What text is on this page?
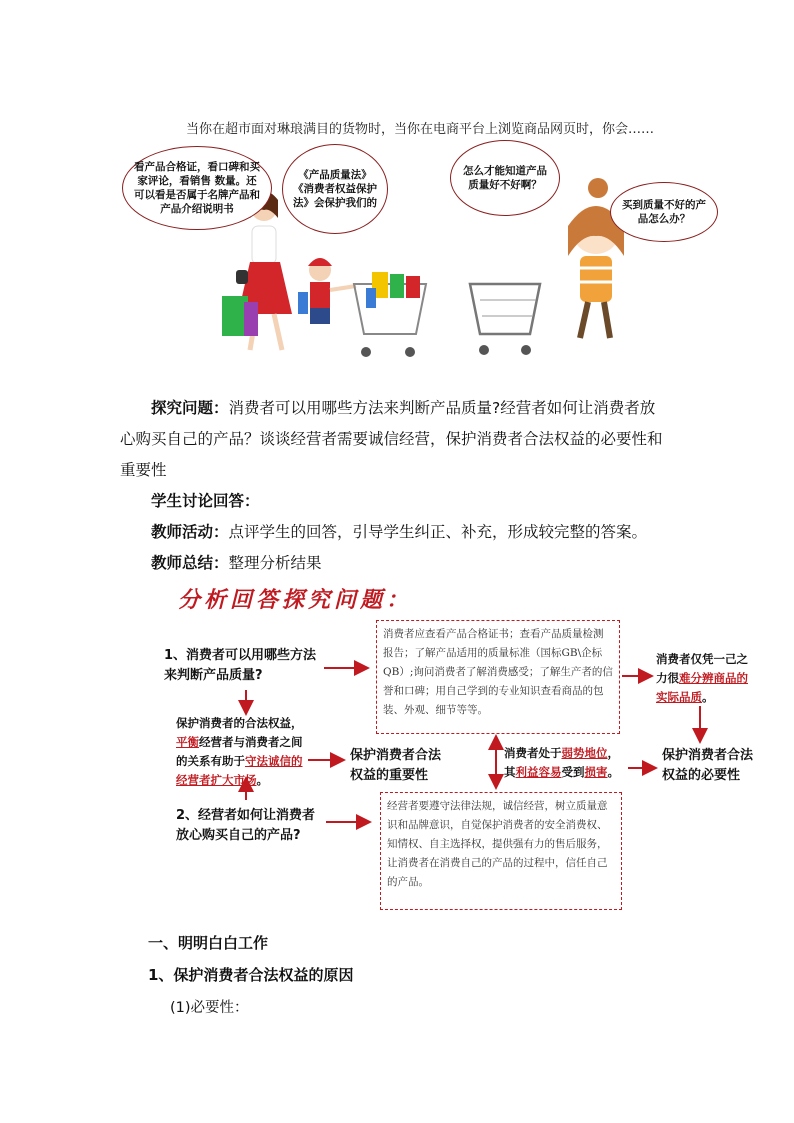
当你在超市面对琳琅满目的货物时，当你在电商平台上浏览商品网页时，你会……
看产品合格证，看口碑和买家评论，看销售 数量。还可以看是否属于名牌产品和产品介绍说明书
《产品质量法》《消费者权益保护法》会保护我们的
怎么才能知道产品质量好不好啊？
买到质量不好的产品怎么办？
探究问题：消费者可以用哪些方法来判断产品质量?经营者如何让消费者放
心购买自己的产品？谈谈经营者需要诚信经营，保护消费者合法权益的必要性和
重要性
学生讨论回答：
教师活动：点评学生的回答，引导学生纠正、补充，形成较完整的答案。
教师总结：整理分析结果
分析回答探究问题：
1、消费者可以用哪些方法来判断产品质量?
2、经营者如何让消费者放心购买自己的产品?
消费者应查看产品合格证书；查看产品质量检测报告；了解产品适用的质量标准（国标GB\企标QB）;询问消费者了解消费感受；了解生产者的信誉和口碑；用自己学到的专业知识查看商品的包装、外观、细节等等。
经营者要遵守法律法规，诚信经营，树立质量意识和品牌意识，自觉保护消费者的安全消费权、知情权、自主选择权，提供强有力的售后服务，让消费者在消费自己的产品的过程中，信任自己的产品。
保护消费者的合法权益，平衡经营者与消费者之间的关系有助于守法诚信的经营者扩大市场。
保护消费者合法权益的重要性
消费者处于弱势地位，其利益容易受到损害。
消费者仅凭一己之力很难分辨商品的实际品质。
保护消费者合法权益的必要性
一、明明白白工作
1、保护消费者合法权益的原因
(1)必要性：
